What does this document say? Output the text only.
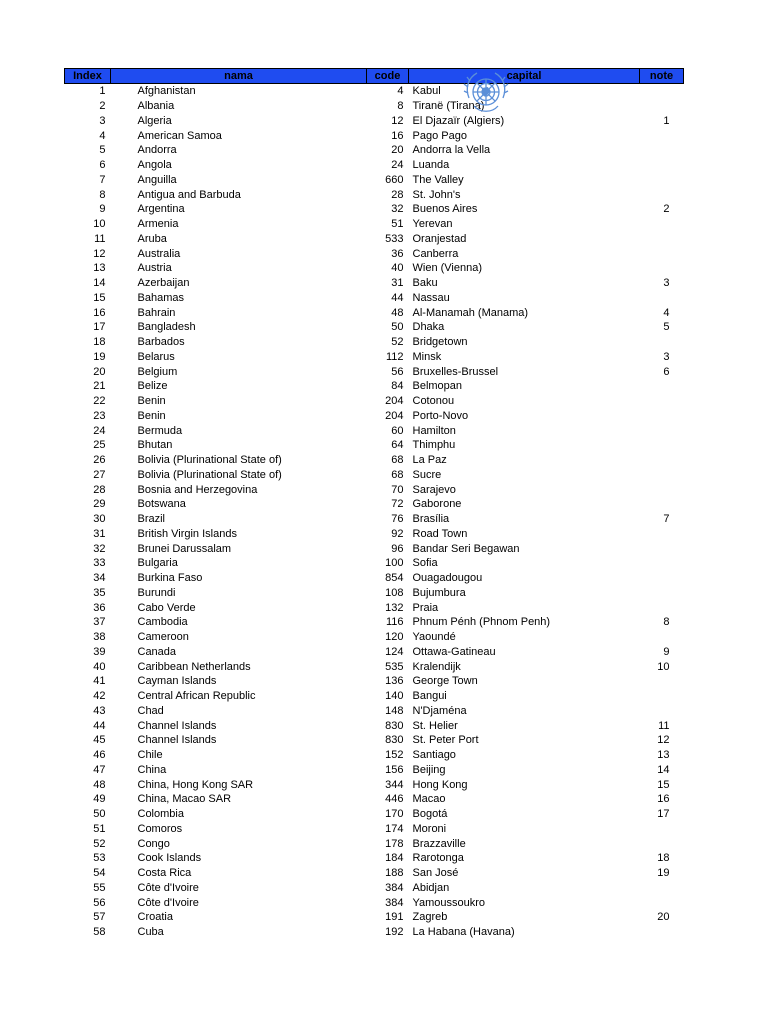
Index	nama	code	capital	note
1	Afghanistan	4	Kabul	
2	Albania	8	Tiranë (Tirana)	
3	Algeria	12	El Djazaïr (Algiers)	1
4	American Samoa	16	Pago Pago	
5	Andorra	20	Andorra la Vella	
6	Angola	24	Luanda	
7	Anguilla	660	The Valley	
8	Antigua and Barbuda	28	St. John's	
9	Argentina	32	Buenos Aires	2
10	Armenia	51	Yerevan	
11	Aruba	533	Oranjestad	
12	Australia	36	Canberra	
13	Austria	40	Wien (Vienna)	
14	Azerbaijan	31	Baku	3
15	Bahamas	44	Nassau	
16	Bahrain	48	Al-Manamah (Manama)	4
17	Bangladesh	50	Dhaka	5
18	Barbados	52	Bridgetown	
19	Belarus	112	Minsk	3
20	Belgium	56	Bruxelles-Brussel	6
21	Belize	84	Belmopan	
22	Benin	204	Cotonou	
23	Benin	204	Porto-Novo	
24	Bermuda	60	Hamilton	
25	Bhutan	64	Thimphu	
26	Bolivia (Plurinational State of)	68	La Paz	
27	Bolivia (Plurinational State of)	68	Sucre	
28	Bosnia and Herzegovina	70	Sarajevo	
29	Botswana	72	Gaborone	
30	Brazil	76	Brasília	7
31	British Virgin Islands	92	Road Town	
32	Brunei Darussalam	96	Bandar Seri Begawan	
33	Bulgaria	100	Sofia	
34	Burkina Faso	854	Ouagadougou	
35	Burundi	108	Bujumbura	
36	Cabo Verde	132	Praia	
37	Cambodia	116	Phnum Pénh (Phnom Penh)	8
38	Cameroon	120	Yaoundé	
39	Canada	124	Ottawa-Gatineau	9
40	Caribbean Netherlands	535	Kralendijk	10
41	Cayman Islands	136	George Town	
42	Central African Republic	140	Bangui	
43	Chad	148	N'Djaména	
44	Channel Islands	830	St. Helier	11
45	Channel Islands	830	St. Peter Port	12
46	Chile	152	Santiago	13
47	China	156	Beijing	14
48	China, Hong Kong SAR	344	Hong Kong	15
49	China, Macao SAR	446	Macao	16
50	Colombia	170	Bogotá	17
51	Comoros	174	Moroni	
52	Congo	178	Brazzaville	
53	Cook Islands	184	Rarotonga	18
54	Costa Rica	188	San José	19
55	Côte d'Ivoire	384	Abidjan	
56	Côte d'Ivoire	384	Yamoussoukro	
57	Croatia	191	Zagreb	20
58	Cuba	192	La Habana (Havana)	
